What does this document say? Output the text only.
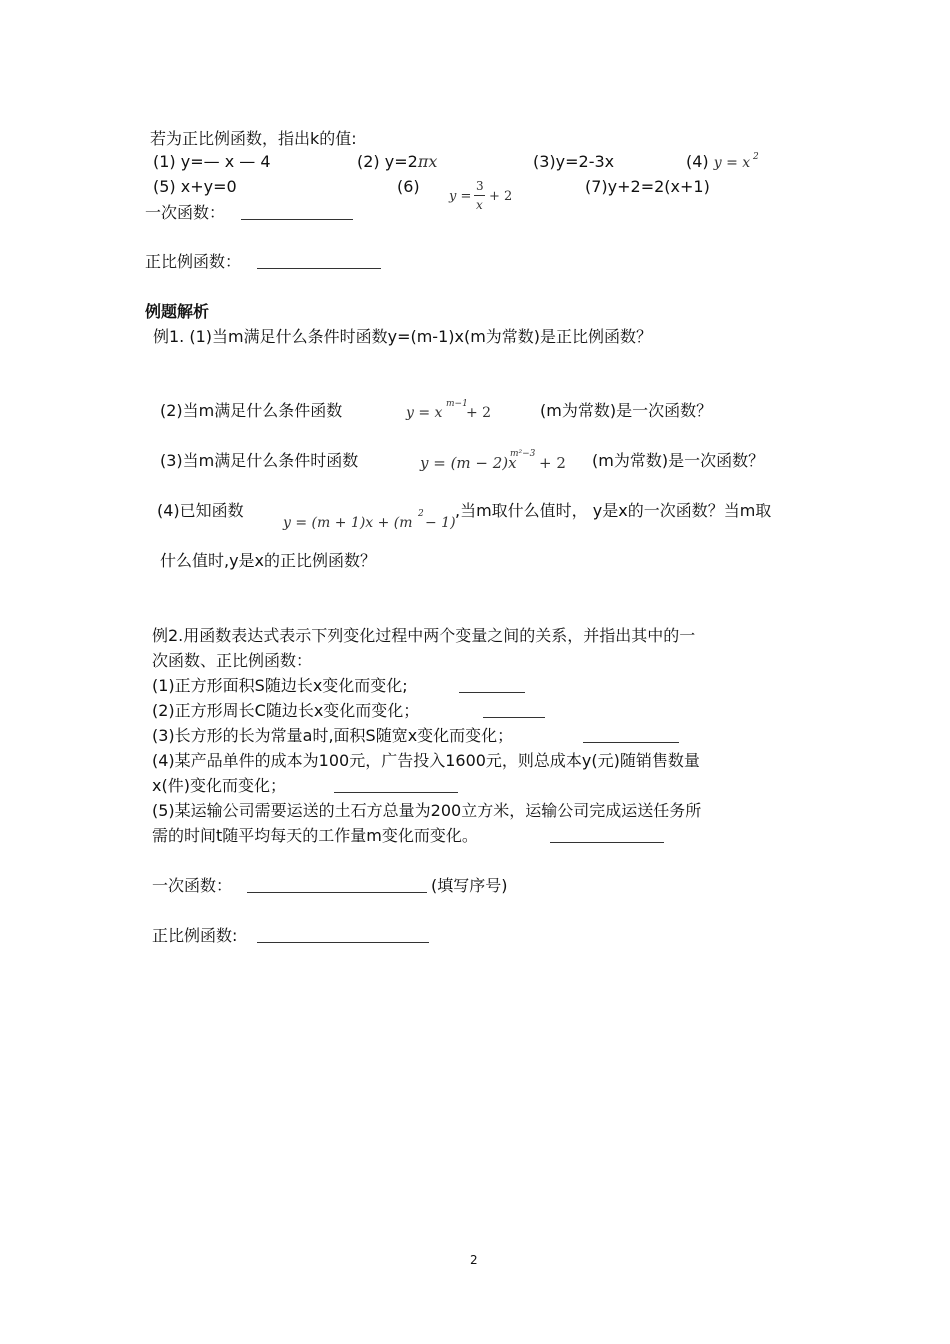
若为正比例函数，指出k的值:
(1) y=— x — 4	(2) y=2πx	(3)y=2-3x	(4) y = x 2
(5) x+y=0	(6)
y =
3
x
+ 2
(7)y+2=2(x+1)
一次函数：
正比例函数：
例题解析
例1. (1)当m满足什么条件时函数y=(m-1)x(m为常数)是正比例函数？
(2)当m满足什么条件函数	y = x
m−1
+ 2	(m为常数)是一次函数？
(3)当m满足什么条件时函数	y = (m − 2)x
m²−3 + 2 (m为常数)是一次函数？
(4)已知函数
y = (m + 1)x + (m
2
− 1)
,当m取什么值时， y是x的一次函数？当m取
什么值时,y是x的正比例函数？
例2.用函数表达式表示下列变化过程中两个变量之间的关系，并指出其中的一
次函数、正比例函数：
(1)正方形面积S随边长x变化而变化;
(2)正方形周长C随边长x变化而变化；
(3)长方形的长为常量a时,面积S随宽x变化而变化；
(4)某产品单件的成本为100元，广告投入1600元，则总成本y(元)随销售数量
x(件)变化而变化；
(5)某运输公司需要运送的土石方总量为200立方米，运输公司完成运送任务所
需的时间t随平均每天的工作量m变化而变化。
一次函数：	(填写序号)
正比例函数:
2
